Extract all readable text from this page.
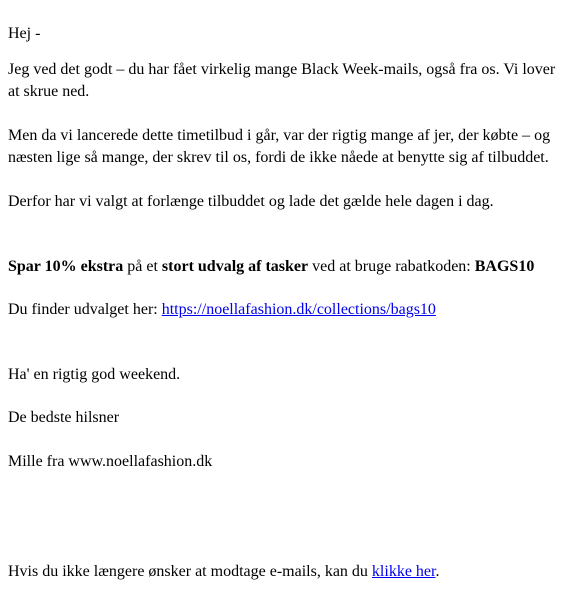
Hej -

Jeg ved det godt – du har fået virkelig mange Black Week-mails, også fra os. Vi lover at skrue ned.

Men da vi lancerede dette timetilbud i går, var der rigtig mange af jer, der købte – og næsten lige så mange, der skrev til os, fordi de ikke nåede at benytte sig af tilbuddet.

Derfor har vi valgt at forlænge tilbuddet og lade det gælde hele dagen i dag.

Spar 10% ekstra på et stort udvalg af tasker ved at bruge rabatkoden: BAGS10

Du finder udvalget her: https://noellafashion.dk/collections/bags10

Ha' en rigtig god weekend.

De bedste hilsner

Mille fra www.noellafashion.dk

Hvis du ikke længere ønsker at modtage e-mails, kan du klikke her.
